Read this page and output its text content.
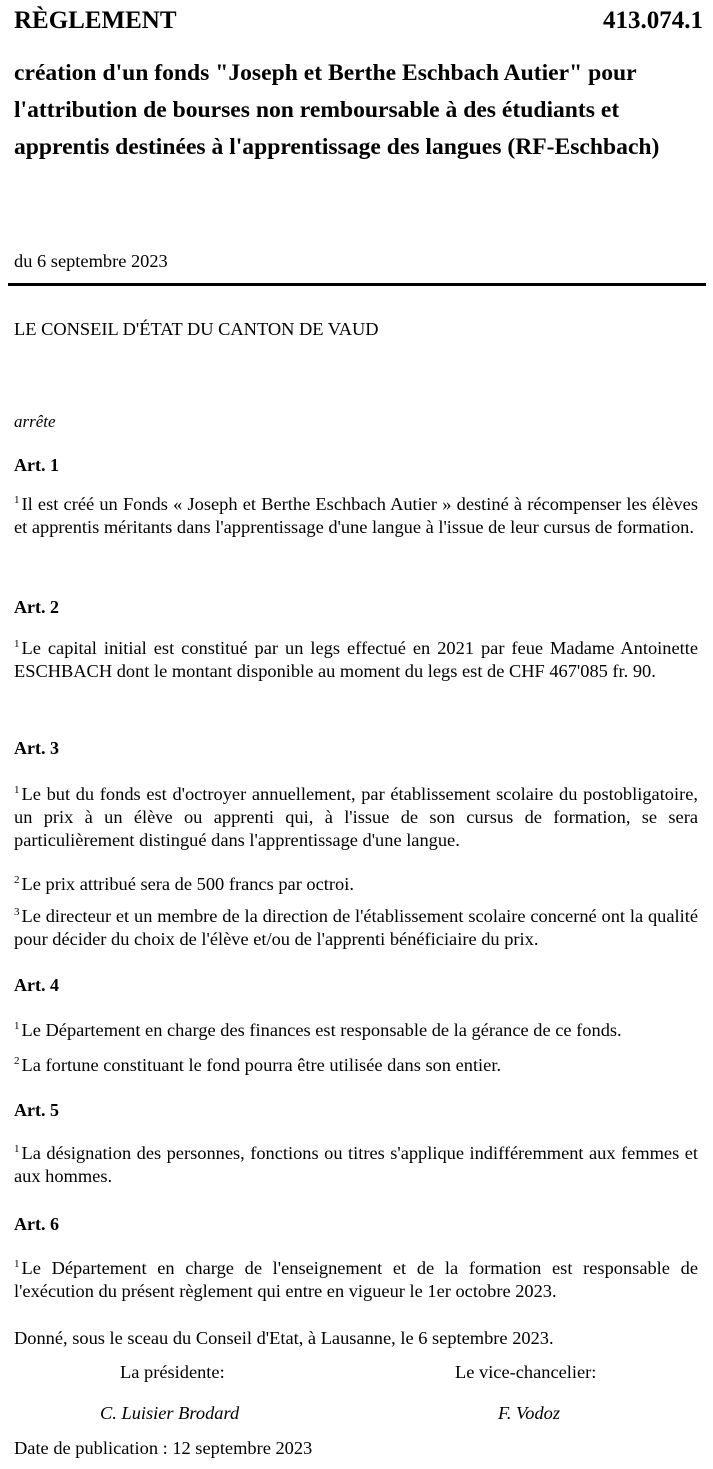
RÈGLEMENT	413.074.1
création d'un fonds "Joseph et Berthe Eschbach Autier" pour l'attribution de bourses non remboursable à des étudiants et apprentis destinées à l'apprentissage des langues (RF-Eschbach)
du 6 septembre 2023
LE CONSEIL D'ÉTAT DU CANTON DE VAUD
arrête
Art. 1
$^1$ Il est créé un Fonds « Joseph et Berthe Eschbach Autier » destiné à récompenser les élèves et apprentis méritants dans l'apprentissage d'une langue à l'issue de leur cursus de formation.
Art. 2
$^1$ Le capital initial est constitué par un legs effectué en 2021 par feue Madame Antoinette ESCHBACH dont le montant disponible au moment du legs est de CHF 467'085 fr. 90.
Art. 3
$^1$ Le but du fonds est d'octroyer annuellement, par établissement scolaire du postobligatoire, un prix à un élève ou apprenti qui, à l'issue de son cursus de formation, se sera particulièrement distingué dans l'apprentissage d'une langue.
$^2$ Le prix attribué sera de 500 francs par octroi.
$^3$ Le directeur et un membre de la direction de l'établissement scolaire concerné ont la qualité pour décider du choix de l'élève et/ou de l'apprenti bénéficiaire du prix.
Art. 4
$^1$ Le Département en charge des finances est responsable de la gérance de ce fonds.
$^2$ La fortune constituant le fond pourra être utilisée dans son entier.
Art. 5
$^1$ La désignation des personnes, fonctions ou titres s'applique indifféremment aux femmes et aux hommes.
Art. 6
$^1$ Le Département en charge de l'enseignement et de la formation est responsable de l'exécution du présent règlement qui entre en vigueur le 1er octobre 2023.
Donné, sous le sceau du Conseil d'Etat, à Lausanne, le 6 septembre 2023.
La présidente:	Le vice-chancelier:
C. Luisier Brodard	F. Vodoz
Date de publication : 12 septembre 2023
